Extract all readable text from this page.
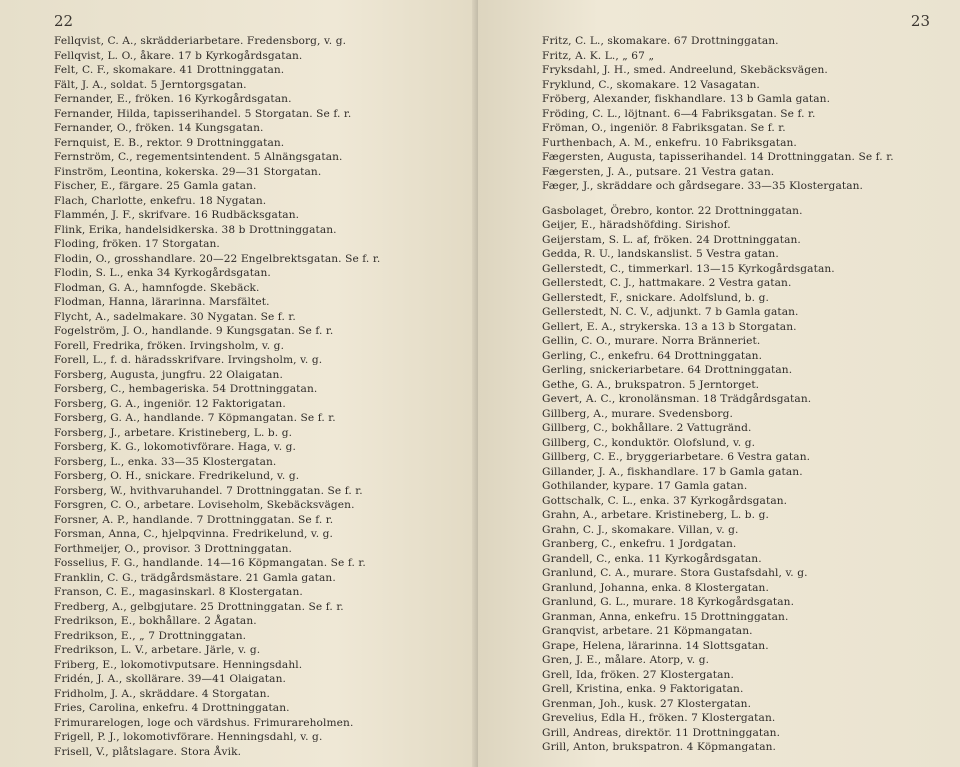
22
Fellqvist, C. A., skrädderiarbetare. Fredensborg, v. g.
Fellqvist, L. O., åkare. 17 b Kyrkogårdsgatan.
Felt, C. F., skomakare. 41 Drottninggatan.
Fält, J. A., soldat. 5 Jerntorgsgatan.
Fernander, E., fröken. 16 Kyrkogårdsgatan.
Fernander, Hilda, tapisserihandel. 5 Storgatan. Se f. r.
Fernander, O., fröken. 14 Kungsgatan.
Fernquist, E. B., rektor. 9 Drottninggatan.
Fernström, C., regementsintendent. 5 Alnängsgatan.
Finström, Leontina, kokerska. 29—31 Storgatan.
Fischer, E., färgare. 25 Gamla gatan.
Flach, Charlotte, enkefru. 18 Nygatan.
Flammén, J. F., skrifvare. 16 Rudbäcksgatan.
Flink, Erika, handelsidkerska. 38 b Drottninggatan.
Floding, fröken. 17 Storgatan.
Flodin, O., grosshandlare. 20—22 Engelbrektsgatan. Se f. r.
Flodin, S. L., enka 34 Kyrkogårdsgatan.
Flodman, G. A., hamnfogde. Skebäck.
Flodman, Hanna, lärarinna. Marsfältet.
Flycht, A., sadelmakare. 30 Nygatan. Se f. r.
Fogelström, J. O., handlande. 9 Kungsgatan. Se f. r.
Forell, Fredrika, fröken. Irvingsholm, v. g.
Forell, L., f. d. häradsskrifvare. Irvingsholm, v. g.
Forsberg, Augusta, jungfru. 22 Olaigatan.
Forsberg, C., hembageriska. 54 Drottninggatan.
Forsberg, G. A., ingeniör. 12 Faktorigatan.
Forsberg, G. A., handlande. 7 Köpmangatan. Se f. r.
Forsberg, J., arbetare. Kristineberg, L. b. g.
Forsberg, K. G., lokomotivförare. Haga, v. g.
Forsberg, L., enka. 33—35 Klostergatan.
Forsberg, O. H., snickare. Fredrikelund, v. g.
Forsberg, W., hvithvaruhandel. 7 Drottninggatan. Se f. r.
Forsgren, C. O., arbetare. Loviseholm, Skebäcksvägen.
Forsner, A. P., handlande. 7 Drottninggatan. Se f. r.
Forsman, Anna, C., hjelpqvinna. Fredrikelund, v. g.
Forthmeijer, O., provisor. 3 Drottninggatan.
Fosselius, F. G., handlande. 14—16 Köpmangatan. Se f. r.
Franklin, C. G., trädgårdsmästare. 21 Gamla gatan.
Franson, C. E., magasinskarl. 8 Klostergatan.
Fredberg, A., gelbgjutare. 25 Drottninggatan. Se f. r.
Fredrikson, E., bokhållare. 2 Ågatan.
Fredrikson, E., „ 7 Drottninggatan.
Fredrikson, L. V., arbetare. Järle, v. g.
Friberg, E., lokomotivputsare. Henningsdahl.
Fridén, J. A., skollärare. 39—41 Olaigatan.
Fridholm, J. A., skräddare. 4 Storgatan.
Fries, Carolina, enkefru. 4 Drottninggatan.
Frimurarelogen, loge och värdshus. Frimurareholmen.
Frigell, P. J., lokomotivförare. Henningsdahl, v. g.
Frisell, V., plåtslagare. Stora Åvik.
23
Fritz, C. L., skomakare. 67 Drottninggatan.
Fritz, A. K. L., „ 67 „
Fryksdahl, J. H., smed. Andreelund, Skebäcksvägen.
Fryklund, C., skomakare. 12 Vasagatan.
Fröberg, Alexander, fiskhandlare. 13 b Gamla gatan.
Fröding, C. L., löjtnant. 6—4 Fabriksgatan. Se f. r.
Fröman, O., ingeniör. 8 Fabriksgatan. Se f. r.
Furthenbach, A. M., enkefru. 10 Fabriksgatan.
Fægersten, Augusta, tapisserihandel. 14 Drottninggatan. Se f. r.
Fægersten, J. A., putsare. 21 Vestra gatan.
Fæger, J., skräddare och gårdsegare. 33—35 Klostergatan.
Gasbolaget, Örebro, kontor. 22 Drottninggatan.
Geijer, E., häradshöfding. Sirishof.
Geijerstam, S. L. af, fröken. 24 Drottninggatan.
Gedda, R. U., landskanslist. 5 Vestra gatan.
Gellerstedt, C., timmerkarl. 13—15 Kyrkogårdsgatan.
Gellerstedt, C. J., hattmakare. 2 Vestra gatan.
Gellerstedt, F., snickare. Adolfslund, b. g.
Gellerstedt, N. C. V., adjunkt. 7 b Gamla gatan.
Gellert, E. A., strykerska. 13 a 13 b Storgatan.
Gellin, C. O., murare. Norra Bränneriet.
Gerling, C., enkefru. 64 Drottninggatan.
Gerling, snickeriarbetare. 64 Drottninggatan.
Gethe, G. A., brukspatron. 5 Jerntorget.
Gevert, A. C., kronolänsman. 18 Trädgårdsgatan.
Gillberg, A., murare. Svedensborg.
Gillberg, C., bokhållare. 2 Vattugränd.
Gillberg, C., konduktör. Olofslund, v. g.
Gillberg, C. E., bryggeriarbetare. 6 Vestra gatan.
Gillander, J. A., fiskhandlare. 17 b Gamla gatan.
Gothilander, kypare. 17 Gamla gatan.
Gottschalk, C. L., enka. 37 Kyrkogårdsgatan.
Grahn, A., arbetare. Kristineberg, L. b. g.
Grahn, C. J., skomakare. Villan, v. g.
Granberg, C., enkefru. 1 Jordgatan.
Grandell, C., enka. 11 Kyrkogårdsgatan.
Granlund, C. A., murare. Stora Gustafsdahl, v. g.
Granlund, Johanna, enka. 8 Klostergatan.
Granlund, G. L., murare. 18 Kyrkogårdsgatan.
Granman, Anna, enkefru. 15 Drottninggatan.
Granqvist, arbetare. 21 Köpmangatan.
Grape, Helena, lärarinna. 14 Slottsgatan.
Gren, J. E., målare. Atorp, v. g.
Grell, Ida, fröken. 27 Klostergatan.
Grell, Kristina, enka. 9 Faktorigatan.
Grenman, Joh., kusk. 27 Klostergatan.
Grevelius, Edla H., fröken. 7 Klostergatan.
Grill, Andreas, direktör. 11 Drottninggatan.
Grill, Anton, brukspatron. 4 Köpmangatan.
